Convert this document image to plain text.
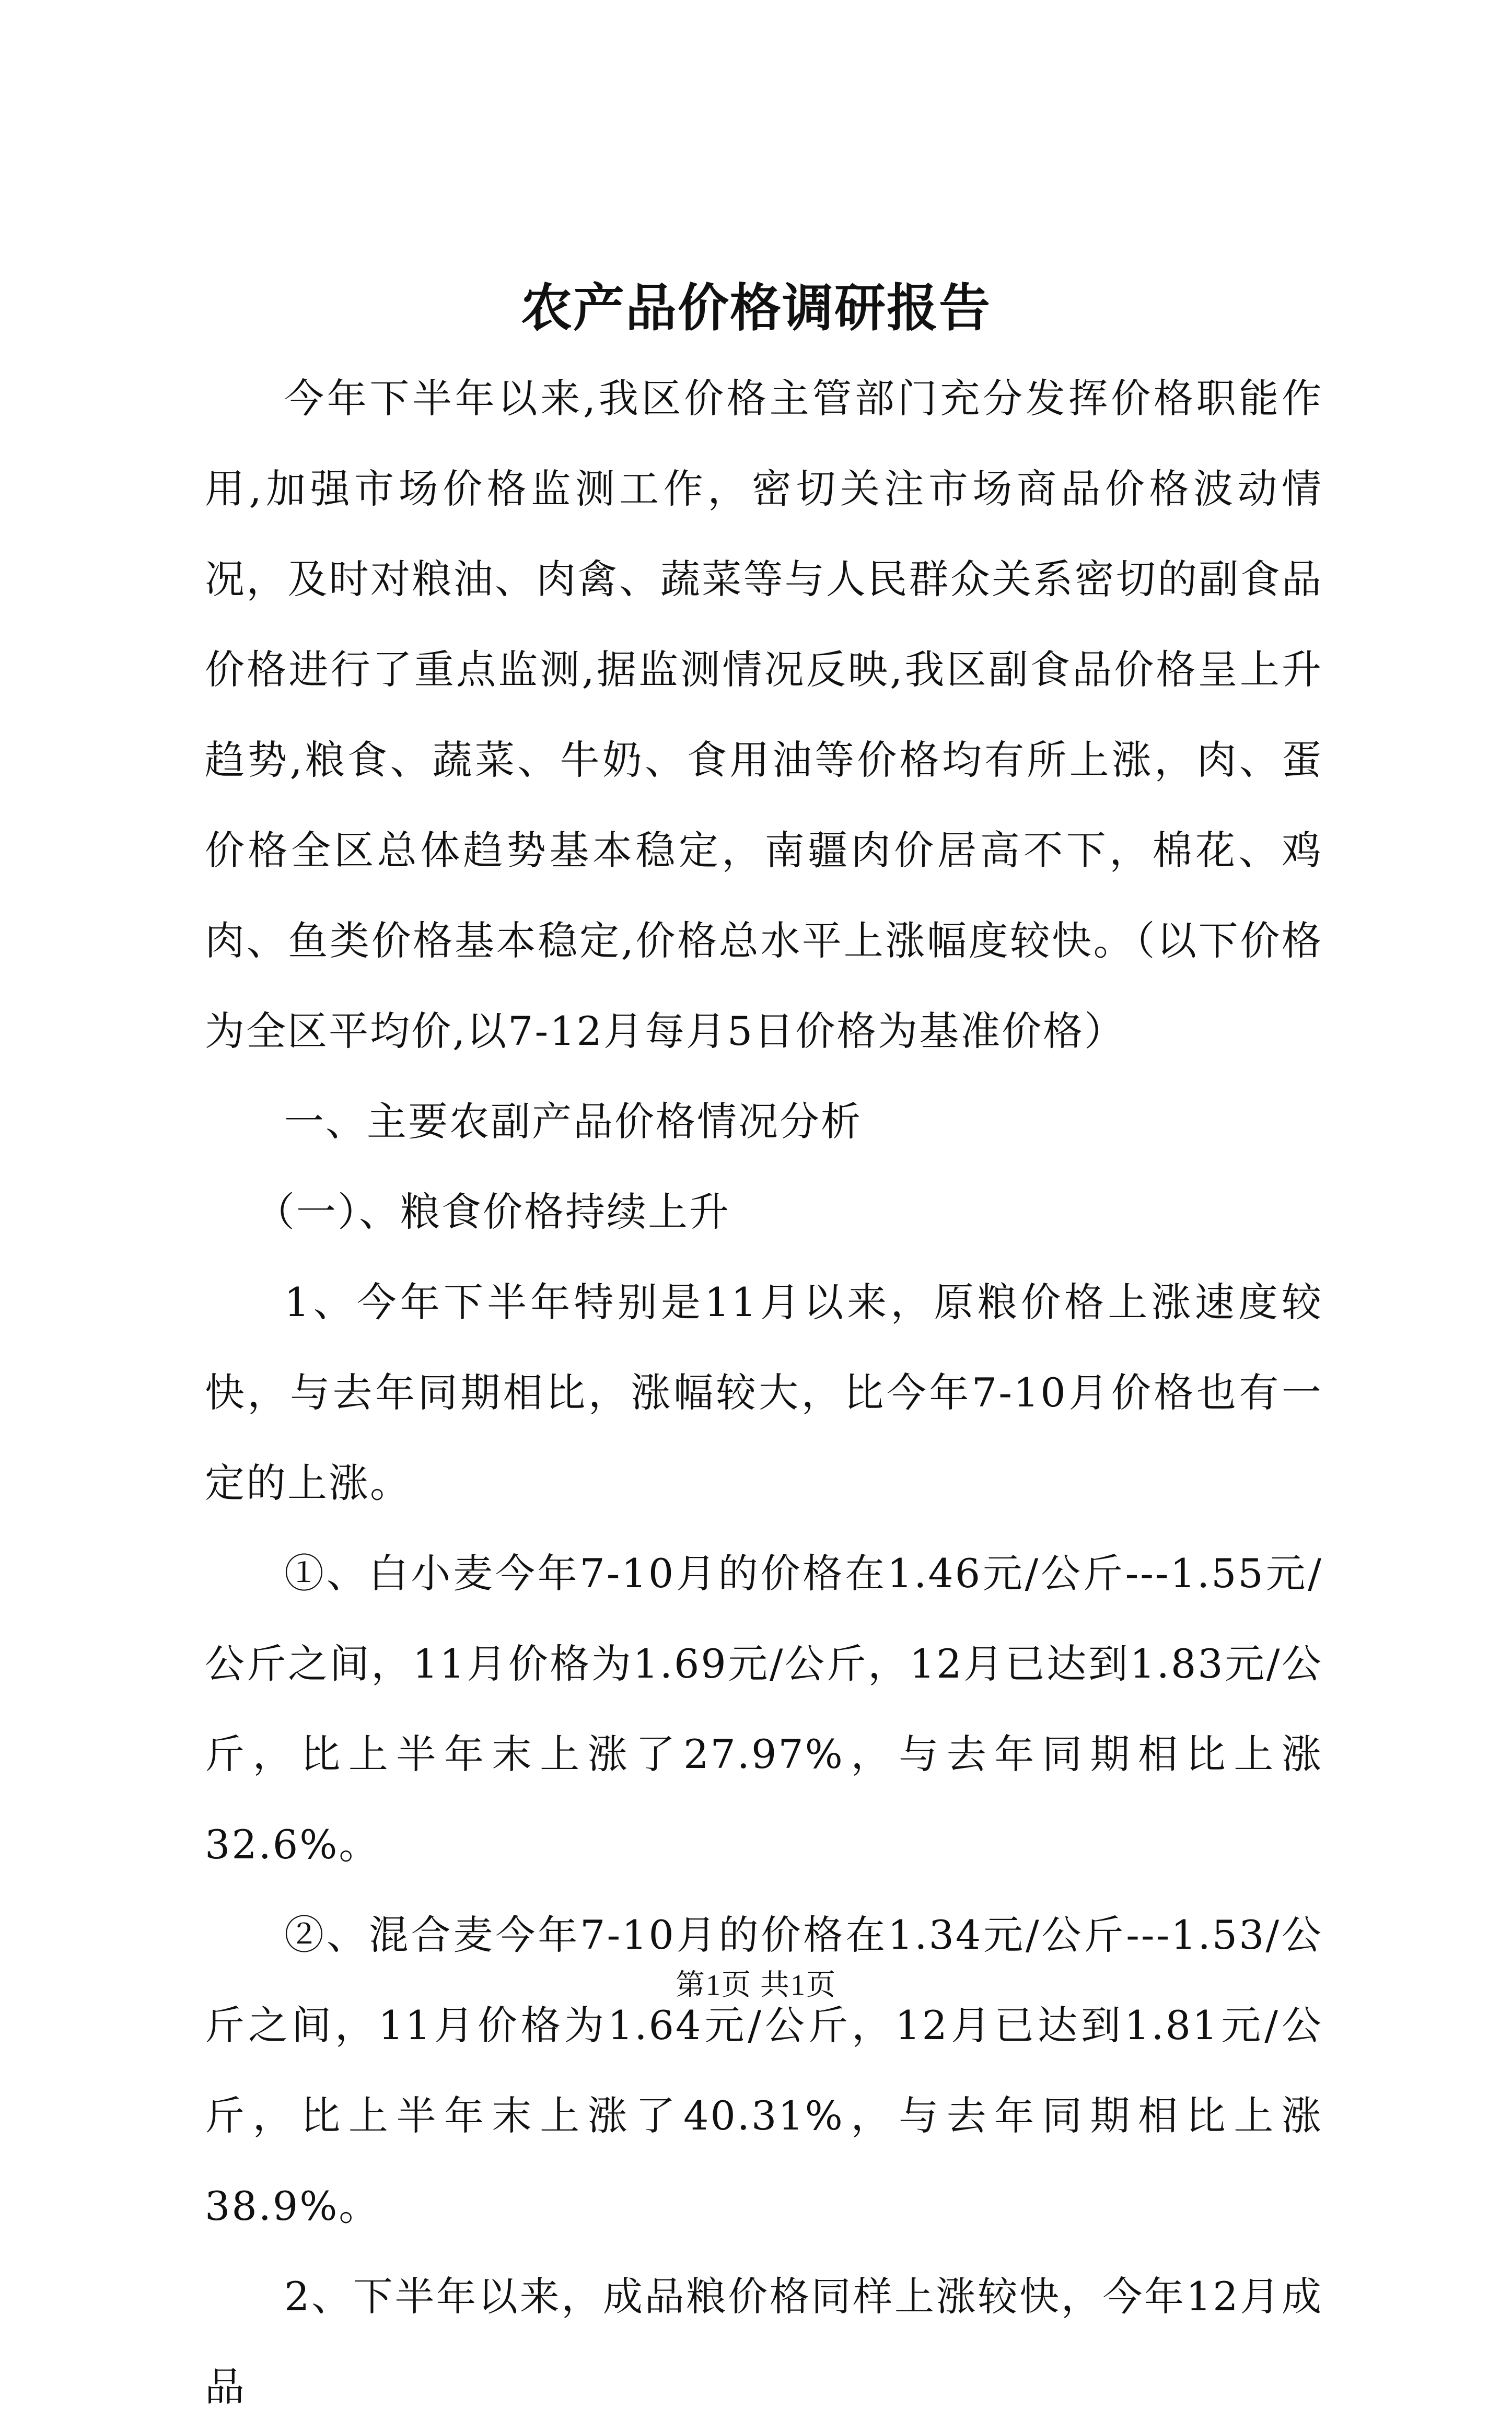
农产品价格调研报告

今年下半年以来,我区价格主管部门充分发挥价格职能作用,加强市场价格监测工作，密切关注市场商品价格波动情况，及时对粮油、肉禽、蔬菜等与人民群众关系密切的副食品价格进行了重点监测,据监测情况反映,我区副食品价格呈上升趋势,粮食、蔬菜、牛奶、食用油等价格均有所上涨，肉、蛋价格全区总体趋势基本稳定，南疆肉价居高不下，棉花、鸡肉、鱼类价格基本稳定,价格总水平上涨幅度较快。（以下价格为全区平均价,以7-12月每月5日价格为基准价格）

一、主要农副产品价格情况分析

（一）、粮食价格持续上升

1、今年下半年特别是11月以来，原粮价格上涨速度较快，与去年同期相比，涨幅较大，比今年7-10月价格也有一定的上涨。

①、白小麦今年7-10月的价格在1.46元/公斤---1.55元/公斤之间，11月价格为1.69元/公斤，12月已达到1.83元/公斤，比上半年末上涨了27.97%，与去年同期相比上涨32.6%。

②、混合麦今年7-10月的价格在1.34元/公斤---1.53/公斤之间，11月价格为1.64元/公斤，12月已达到1.81元/公斤，比上半年末上涨了40.31%，与去年同期相比上涨38.9%。

2、下半年以来，成品粮价格同样上涨较快，今年12月成品

第1页 共1页
